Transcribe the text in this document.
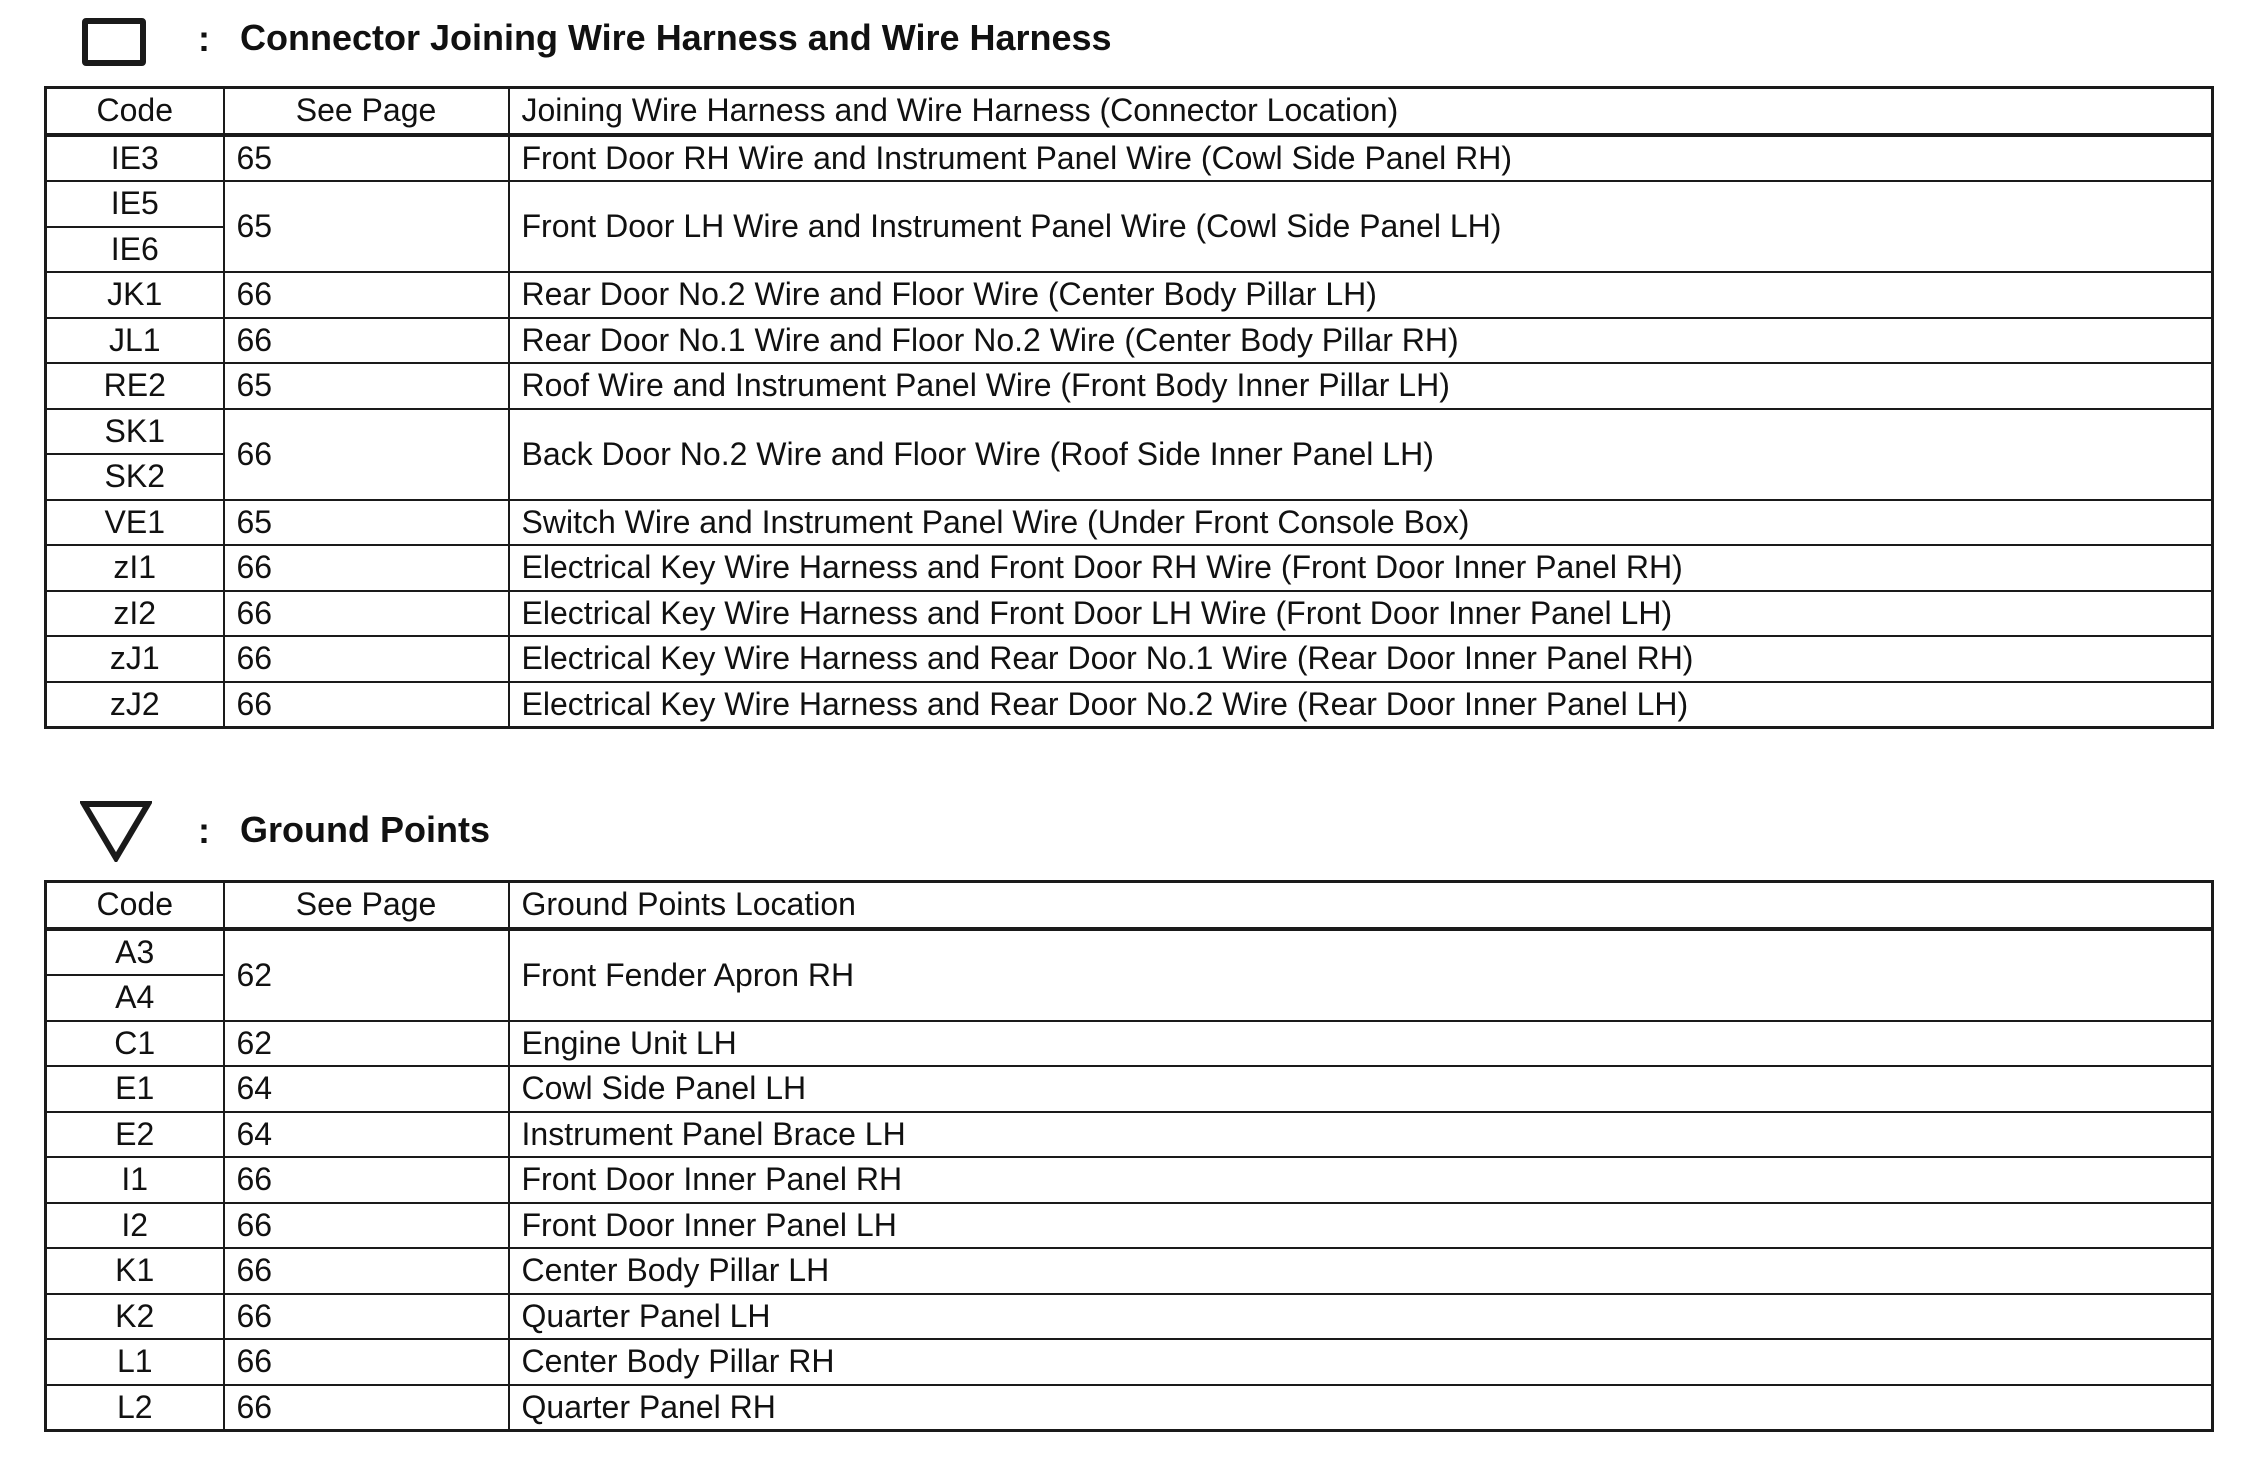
: Connector Joining Wire Harness and Wire Harness
Code	See Page	Joining Wire Harness and Wire Harness (Connector Location)
IE3	65	Front Door RH Wire and Instrument Panel Wire (Cowl Side Panel RH)
IE5	65	Front Door LH Wire and Instrument Panel Wire (Cowl Side Panel LH)
IE6		
JK1	66	Rear Door No.2 Wire and Floor Wire (Center Body Pillar LH)
JL1	66	Rear Door No.1 Wire and Floor No.2 Wire (Center Body Pillar RH)
RE2	65	Roof Wire and Instrument Panel Wire (Front Body Inner Pillar LH)
SK1	66	Back Door No.2 Wire and Floor Wire (Roof Side Inner Panel LH)
SK2		
VE1	65	Switch Wire and Instrument Panel Wire (Under Front Console Box)
zI1	66	Electrical Key Wire Harness and Front Door RH Wire (Front Door Inner Panel RH)
zI2	66	Electrical Key Wire Harness and Front Door LH Wire (Front Door Inner Panel LH)
zJ1	66	Electrical Key Wire Harness and Rear Door No.1 Wire (Rear Door Inner Panel RH)
zJ2	66	Electrical Key Wire Harness and Rear Door No.2 Wire (Rear Door Inner Panel LH)
: Ground Points
Code	See Page	Ground Points Location
A3	62	Front Fender Apron RH
A4		
C1	62	Engine Unit LH
E1	64	Cowl Side Panel LH
E2	64	Instrument Panel Brace LH
I1	66	Front Door Inner Panel RH
I2	66	Front Door Inner Panel LH
K1	66	Center Body Pillar LH
K2	66	Quarter Panel LH
L1	66	Center Body Pillar RH
L2	66	Quarter Panel RH
